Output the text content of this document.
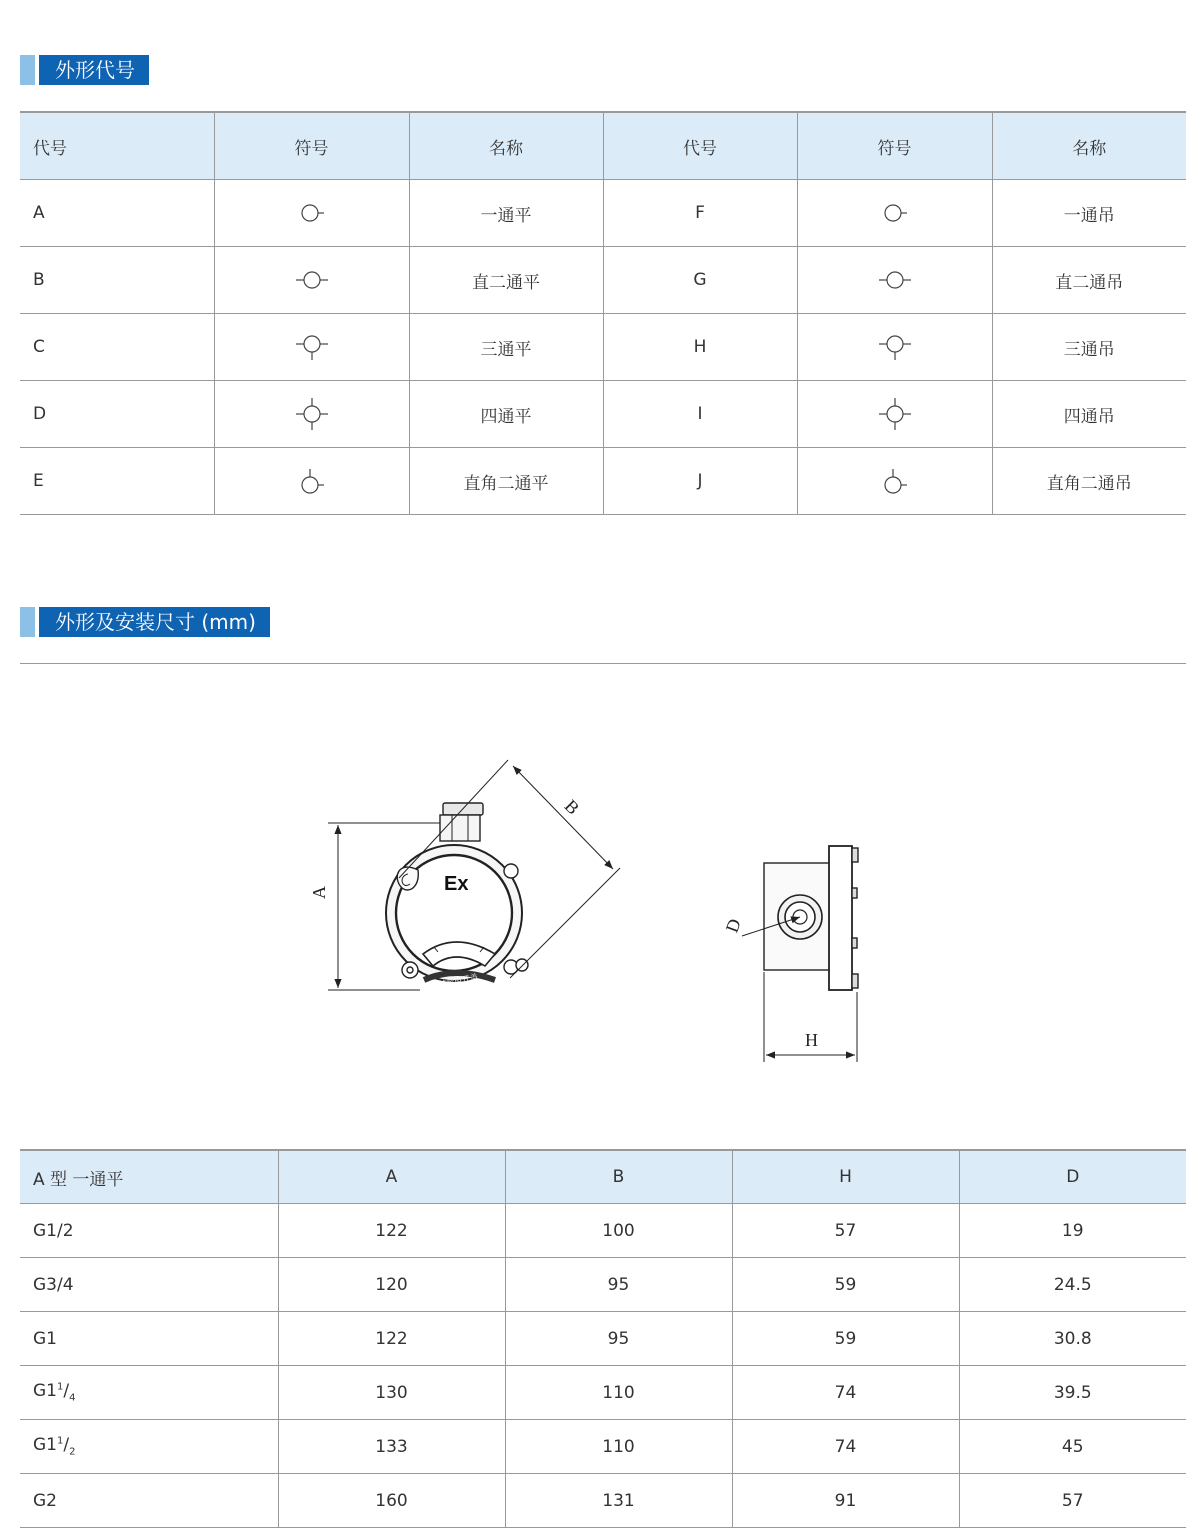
外形代号
代号	符号	名称	代号	符号	名称
A		一通平	F		一通吊
B		直二通平	G		直二通吊
C		三通平	H		三通吊
D		四通平	I		四通吊
E		直角二通平	J		直角二通吊
外形及安装尺寸 (mm)
Ex
严禁带电开盖
A
B
D
H
A 型 一通平	A	B	H	D
G1/2	122	100	57	19
G3/4	120	95	59	24.5
G1	122	95	59	30.8
$G1^1/_4$	130	110	74	39.5
$G1^1/_2$	133	110	74	45
G2	160	131	91	57
